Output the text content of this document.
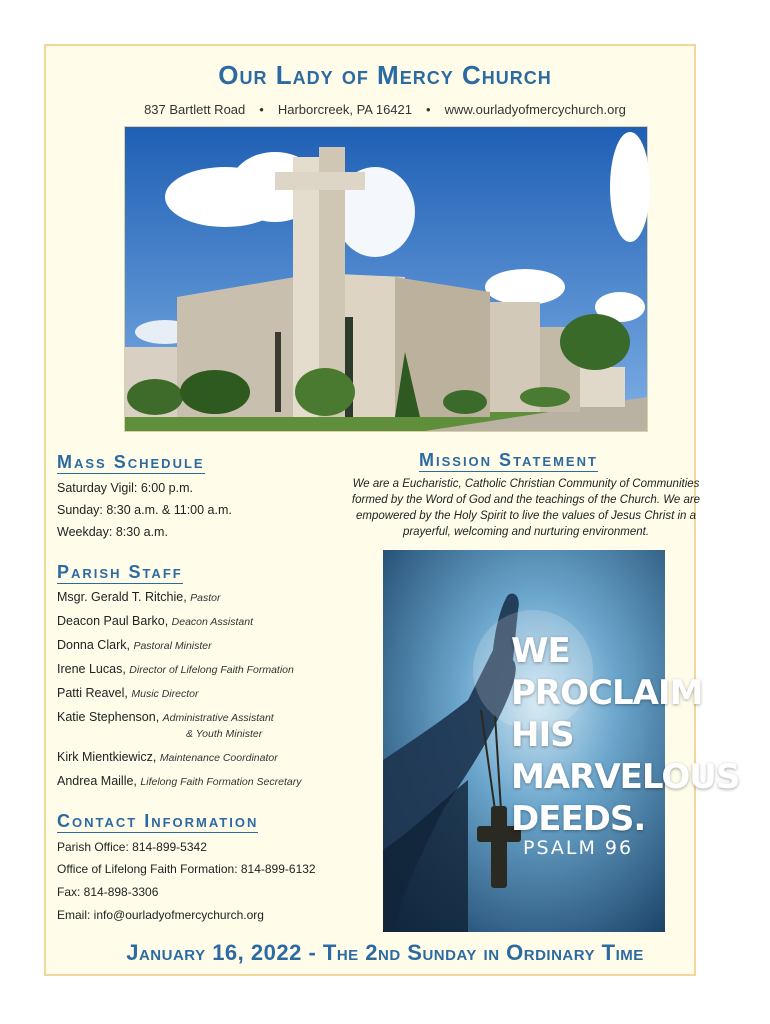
Our Lady of Mercy Church
837 Bartlett Road • Harborcreek, PA 16421 • www.ourladyofmercychurch.org
Mass Schedule
Saturday Vigil: 6:00 p.m.
Sunday: 8:30 a.m. & 11:00 a.m.
Weekday: 8:30 a.m.
Mission Statement
We are a Eucharistic, Catholic Christian Community of Communities formed by the Word of God and the teachings of the Church. We are empowered by the Holy Spirit to live the values of Jesus Christ in a prayerful, welcoming and nurturing environment.
Parish Staff
Msgr. Gerald T. Ritchie, Pastor
Deacon Paul Barko, Deacon Assistant
Donna Clark, Pastoral Minister
Irene Lucas, Director of Lifelong Faith Formation
Patti Reavel, Music Director
Katie Stephenson, Administrative Assistant
& Youth Minister
Kirk Mientkiewicz, Maintenance Coordinator
Andrea Maille, Lifelong Faith Formation Secretary
Contact Information
Parish Office: 814-899-5342
Office of Lifelong Faith Formation: 814-899-6132
Fax: 814-898-3306
Email: info@ourladyofmercychurch.org
WE
PROCLAIM
HIS
MARVELOUS
DEEDS.
PSALM 96
January 16, 2022 - The 2nd Sunday in Ordinary Time
